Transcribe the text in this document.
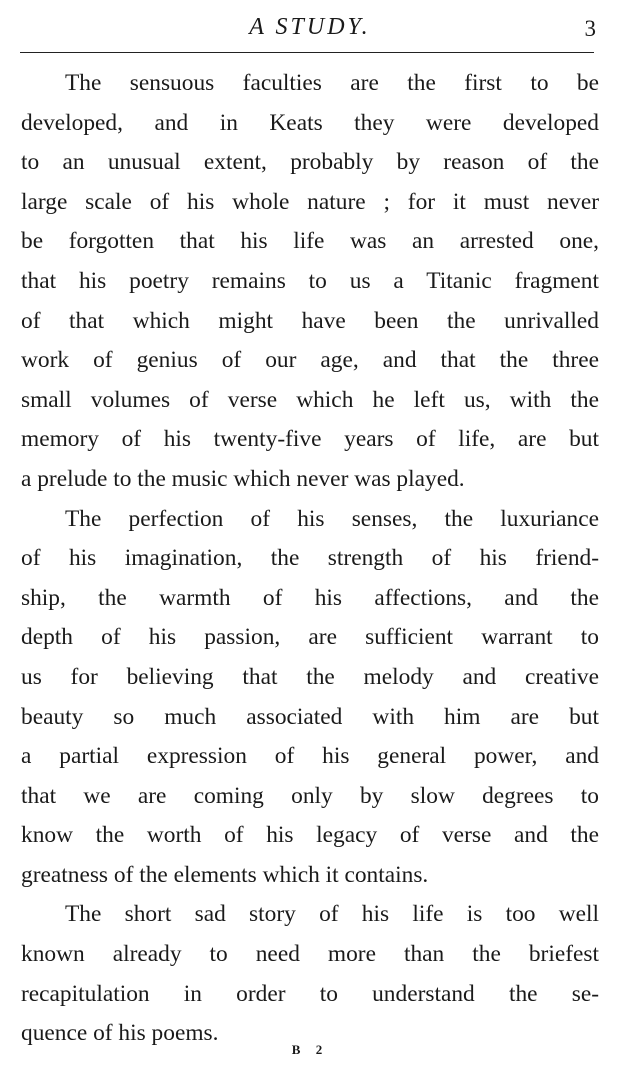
A STUDY.	3
The sensuous faculties are the first to be
developed, and in Keats they were developed
to an unusual extent, probably by reason of the
large scale of his whole nature ; for it must never
be forgotten that his life was an arrested one,
that his poetry remains to us a Titanic fragment
of that which might have been the unrivalled
work of genius of our age, and that the three
small volumes of verse which he left us, with the
memory of his twenty-five years of life, are but
a prelude to the music which never was played.
The perfection of his senses, the luxuriance
of his imagination, the strength of his friend-
ship, the warmth of his affections, and the
depth of his passion, are sufficient warrant to
us for believing that the melody and creative
beauty so much associated with him are but
a partial expression of his general power, and
that we are coming only by slow degrees to
know the worth of his legacy of verse and the
greatness of the elements which it contains.
The short sad story of his life is too well
known already to need more than the briefest
recapitulation in order to understand the se-
quence of his poems.
B 2
